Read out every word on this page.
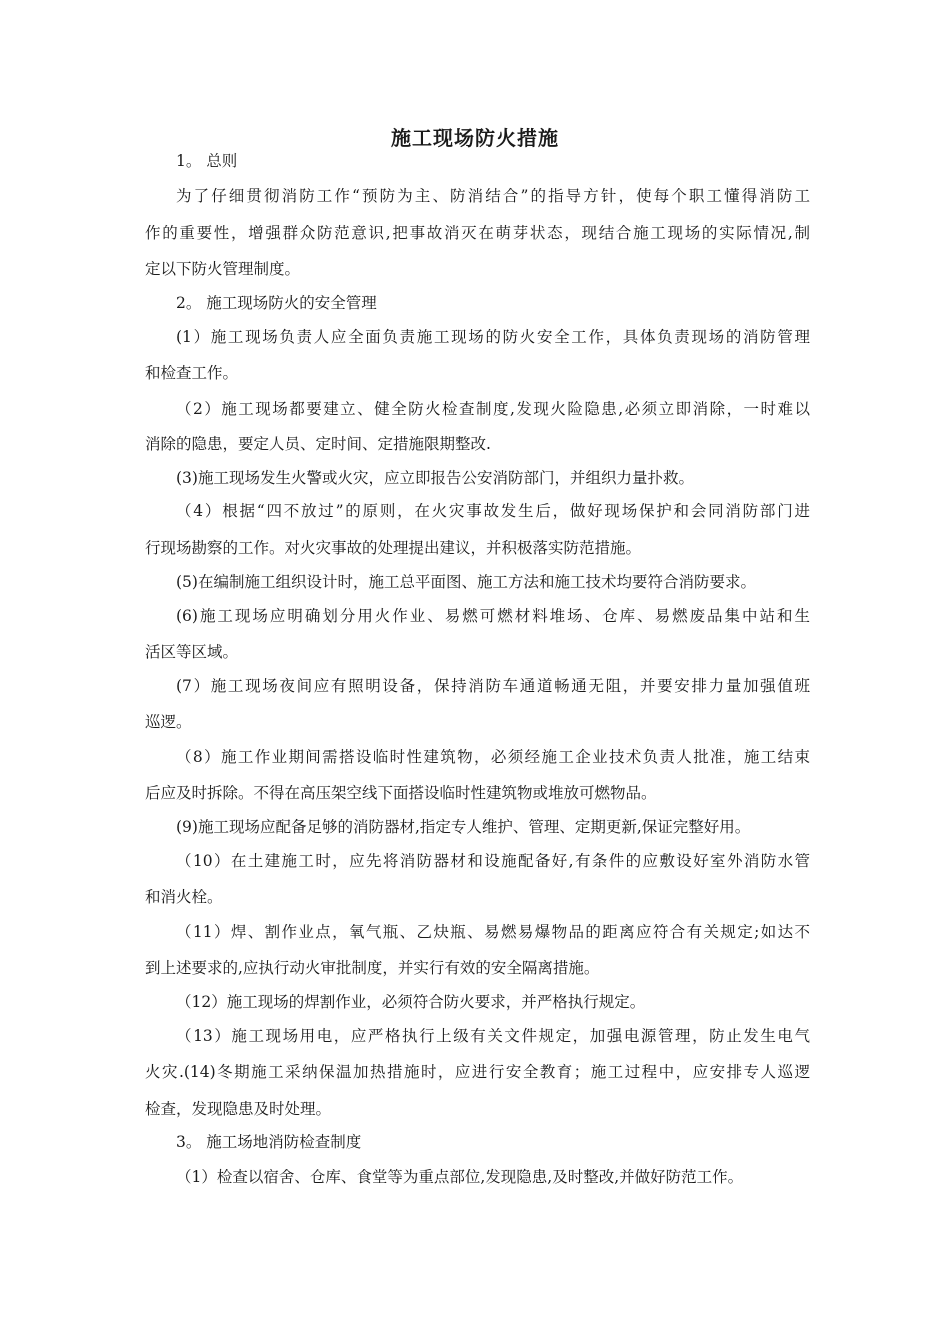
施工现场防火措施
1。 总则
为了仔细贯彻消防工作“预防为主、防消结合”的指导方针，使每个职工懂得消防工
作的重要性，增强群众防范意识,把事故消灭在萌芽状态，现结合施工现场的实际情况,制
定以下防火管理制度。
2。 施工现场防火的安全管理
(1）施工现场负责人应全面负责施工现场的防火安全工作，具体负责现场的消防管理
和检查工作。
（2）施工现场都要建立、健全防火检查制度,发现火险隐患,必须立即消除，一时难以
消除的隐患，要定人员、定时间、定措施限期整改.
(3)施工现场发生火警或火灾，应立即报告公安消防部门，并组织力量扑救。
（4）根据“四不放过”的原则，在火灾事故发生后，做好现场保护和会同消防部门进
行现场勘察的工作。对火灾事故的处理提出建议，并积极落实防范措施。
(5)在编制施工组织设计时，施工总平面图、施工方法和施工技术均要符合消防要求。
(6)施工现场应明确划分用火作业、易燃可燃材料堆场、仓库、易燃废品集中站和生
活区等区域。
(7）施工现场夜间应有照明设备，保持消防车通道畅通无阻，并要安排力量加强值班
巡逻。
（8）施工作业期间需搭设临时性建筑物，必须经施工企业技术负责人批准，施工结束
后应及时拆除。不得在高压架空线下面搭设临时性建筑物或堆放可燃物品。
(9)施工现场应配备足够的消防器材,指定专人维护、管理、定期更新,保证完整好用。
（10）在土建施工时，应先将消防器材和设施配备好,有条件的应敷设好室外消防水管
和消火栓。
（11）焊、割作业点，氧气瓶、乙炔瓶、易燃易爆物品的距离应符合有关规定;如达不
到上述要求的,应执行动火审批制度，并实行有效的安全隔离措施。
（12）施工现场的焊割作业，必须符合防火要求，并严格执行规定。
（13）施工现场用电，应严格执行上级有关文件规定，加强电源管理，防止发生电气
火灾.(14)冬期施工采纳保温加热措施时，应进行安全教育；施工过程中，应安排专人巡逻
检查，发现隐患及时处理。
3。 施工场地消防检查制度
（1）检查以宿舍、仓库、食堂等为重点部位,发现隐患,及时整改,并做好防范工作。
